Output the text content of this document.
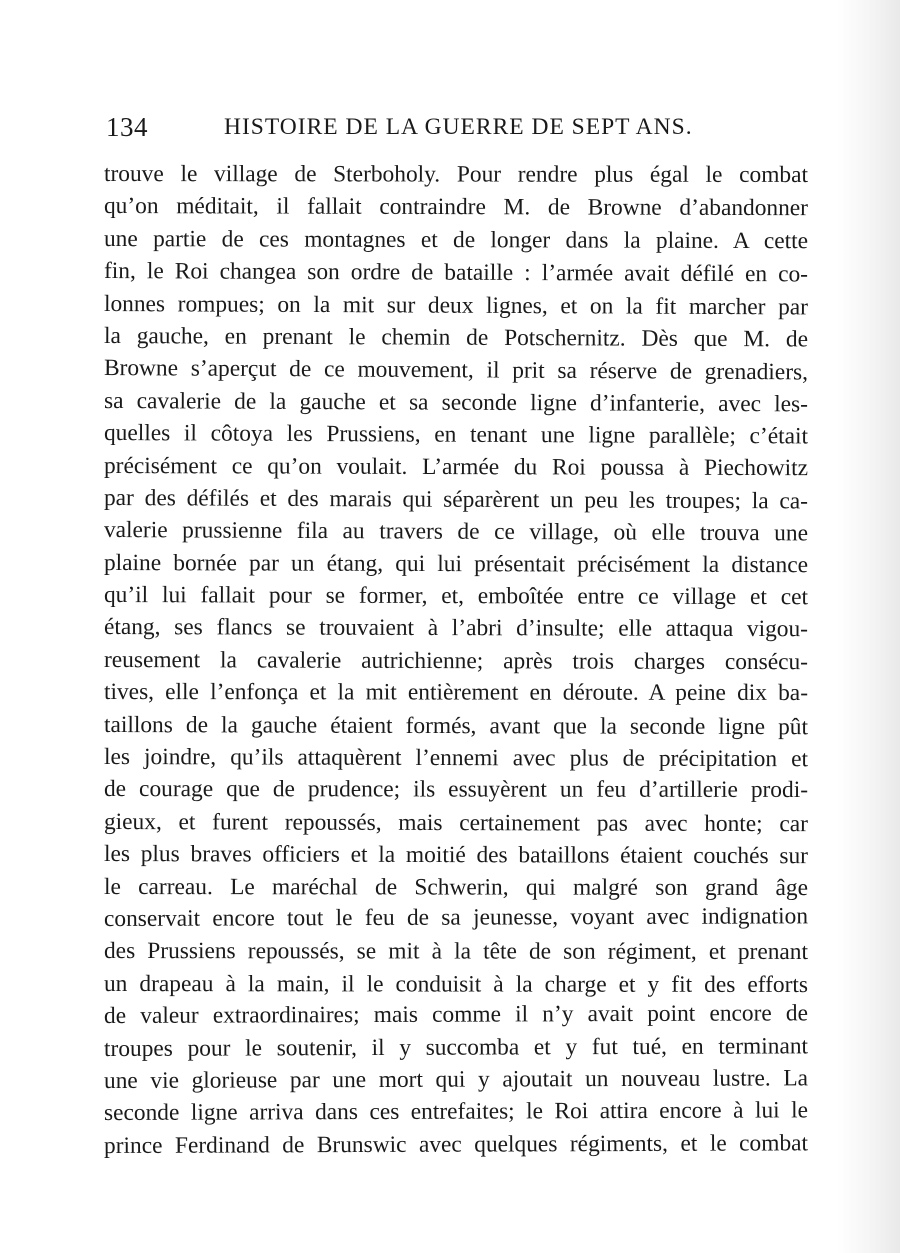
134	HISTOIRE DE LA GUERRE DE SEPT ANS.
trouve le village de Sterboholy. Pour rendre plus égal le combat
qu’on méditait, il fallait contraindre M. de Browne d’abandonner
une partie de ces montagnes et de longer dans la plaine. A cette
fin, le Roi changea son ordre de bataille : l’armée avait défilé en co-
lonnes rompues; on la mit sur deux lignes, et on la fit marcher par
la gauche, en prenant le chemin de Potschernitz. Dès que M. de
Browne s’aperçut de ce mouvement, il prit sa réserve de grenadiers,
sa cavalerie de la gauche et sa seconde ligne d’infanterie, avec les-
quelles il côtoya les Prussiens, en tenant une ligne parallèle; c’était
précisément ce qu’on voulait. L’armée du Roi poussa à Piechowitz
par des défilés et des marais qui séparèrent un peu les troupes; la ca-
valerie prussienne fila au travers de ce village, où elle trouva une
plaine bornée par un étang, qui lui présentait précisément la distance
qu’il lui fallait pour se former, et, emboîtée entre ce village et cet
étang, ses flancs se trouvaient à l’abri d’insulte; elle attaqua vigou-
reusement la cavalerie autrichienne; après trois charges consécu-
tives, elle l’enfonça et la mit entièrement en déroute. A peine dix ba-
taillons de la gauche étaient formés, avant que la seconde ligne pût
les joindre, qu’ils attaquèrent l’ennemi avec plus de précipitation et
de courage que de prudence; ils essuyèrent un feu d’artillerie prodi-
gieux, et furent repoussés, mais certainement pas avec honte; car
les plus braves officiers et la moitié des bataillons étaient couchés sur
le carreau. Le maréchal de Schwerin, qui malgré son grand âge
conservait encore tout le feu de sa jeunesse, voyant avec indignation
des Prussiens repoussés, se mit à la tête de son régiment, et prenant
un drapeau à la main, il le conduisit à la charge et y fit des efforts
de valeur extraordinaires; mais comme il n’y avait point encore de
troupes pour le soutenir, il y succomba et y fut tué, en terminant
une vie glorieuse par une mort qui y ajoutait un nouveau lustre. La
seconde ligne arriva dans ces entrefaites; le Roi attira encore à lui le
prince Ferdinand de Brunswic avec quelques régiments, et le combat
